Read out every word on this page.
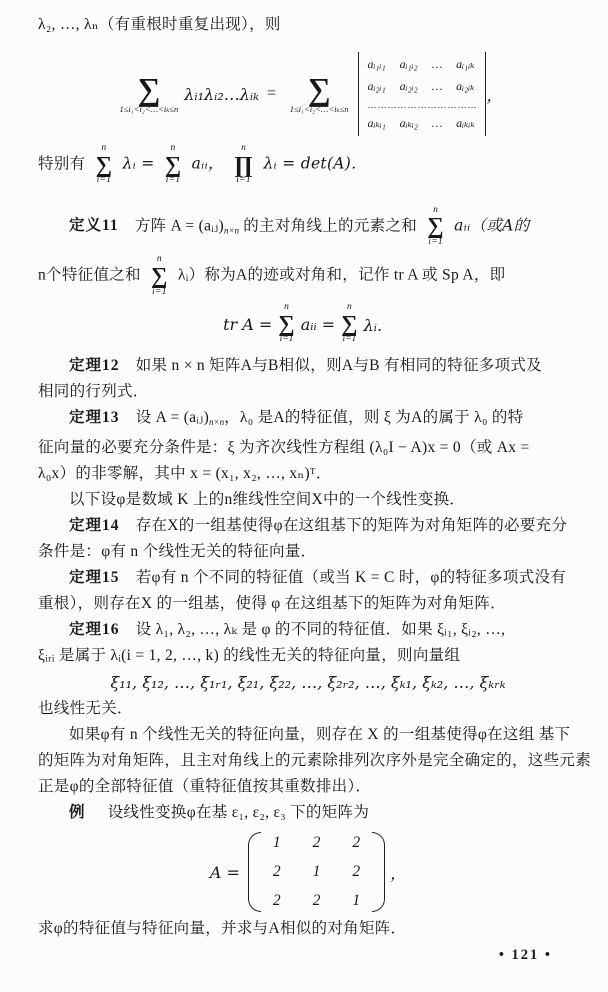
λ₂, …, λₙ（有重根时重复出现），则
∑
1≤i₁<i₂<…<iₖ≤n
λᵢ₁λᵢ₂…λᵢₖ = ∑
1≤i₁<i₂<…<iₖ≤n
aᵢ₁ᵢ₁ aᵢ₁ᵢ₂ … aᵢ₁ᵢₖ
aᵢ₂ᵢ₁ aᵢ₂ᵢ₂ … aᵢ₂ᵢₖ
……………………………
aᵢₖᵢ₁ aᵢₖᵢ₂ … aᵢₖᵢₖ
，
特别有
n
∑
i=1
λᵢ =
n
∑
i=1
aᵢᵢ，
n
∏
i=1
λᵢ = det(A)．
定义11 方阵 $A = (aᵢⱼ)_{n\times n}$ 的主对角线上的元素之和
n
∑
i=1
aᵢᵢ（或A的
n个特征值之和
n
∑
i=1
λᵢ）称为A的迹或对角和，记作 tr A 或 Sp A，即
tr A =
n
∑
i=1
aᵢᵢ =
n
∑
i=1
λᵢ．
定理12 如果 n × n 矩阵A与B相似，则A与B 有相同的特征多项式及
相同的行列式．
定理13 设 $A = (aᵢⱼ)_{n\times n}$，λ₀ 是A的特征值，则 ξ 为A的属于 λ₀ 的特
征向量的必要充分条件是：ξ 为齐次线性方程组 (λ₀I − A)x = 0（或 Ax =
λ₀x）的非零解，其中 x = (x₁, x₂, …, xₙ)ᵀ．
以下设φ是数域 K 上的n维线性空间X中的一个线性变换．
定理14 存在X的一组基使得φ在这组基下的矩阵为对角矩阵的必要充分
条件是：φ有 n 个线性无关的特征向量．
定理15 若φ有 n 个不同的特征值（或当 K = C 时，φ的特征多项式没有
重根），则存在X 的一组基，使得 φ 在这组基下的矩阵为对角矩阵．
定理16 设 λ₁, λ₂, …, λₖ 是 φ 的不同的特征值．如果 ξᵢ₁, ξᵢ₂, …,
ξᵢᵣᵢ 是属于 λᵢ(i = 1, 2, …, k) 的线性无关的特征向量，则向量组
ξ₁₁, ξ₁₂, …, ξ₁ᵣ₁, ξ₂₁, ξ₂₂, …, ξ₂ᵣ₂, …, ξₖ₁, ξₖ₂, …, ξₖᵣₖ
也线性无关．
如果φ有 n 个线性无关的特征向量，则存在 X 的一组基使得φ在这组 基下
的矩阵为对角矩阵，且主对角线上的元素除排列次序外是完全确定的，这些元素
正是φ的全部特征值（重特征值按其重数排出）．
例 设线性变换φ在基 ε₁, ε₂, ε₃ 下的矩阵为
A =
1 2 2
2 1 2
2 2 1
，
求φ的特征值与特征向量，并求与A相似的对角矩阵．
• 121 •
